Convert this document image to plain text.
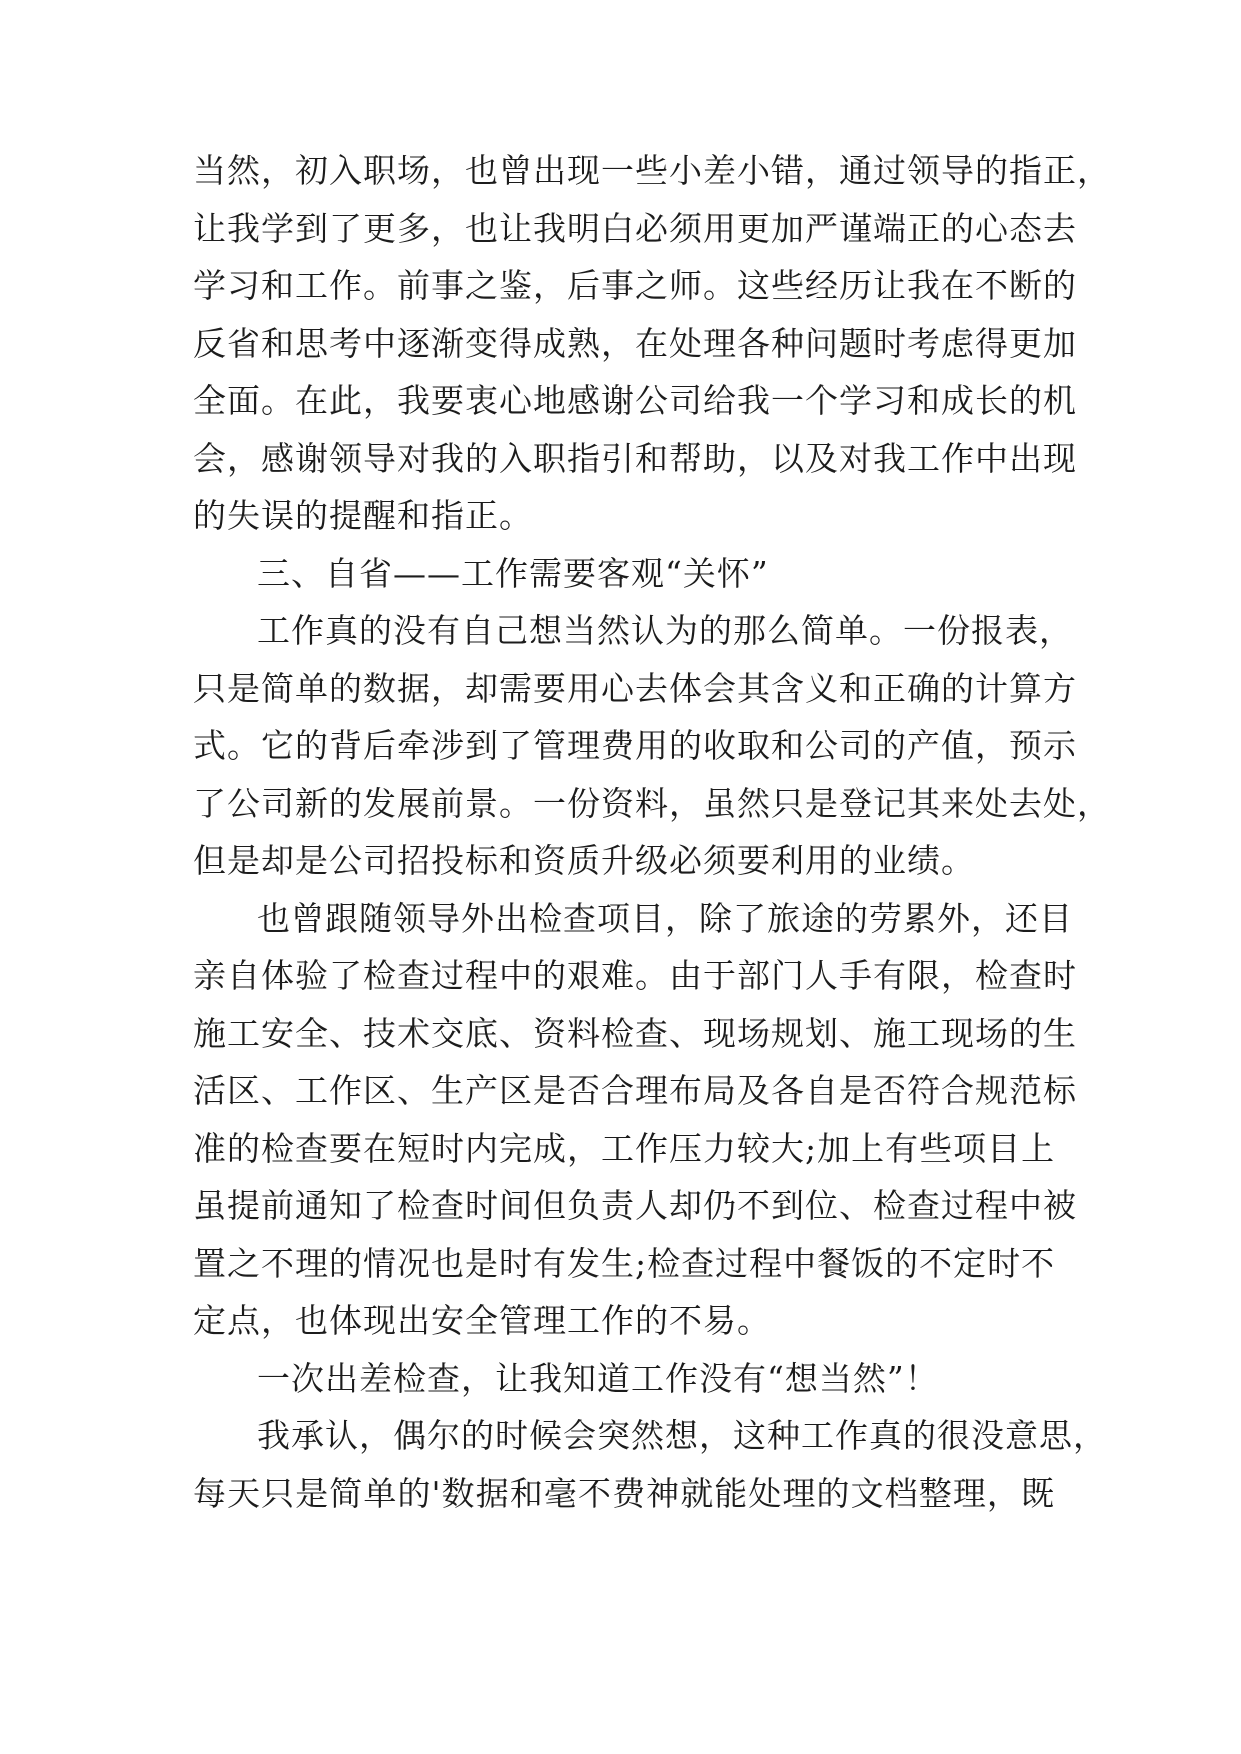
当然，初入职场，也曾出现一些小差小错，通过领导的指正，
让我学到了更多，也让我明白必须用更加严谨端正的心态去
学习和工作。前事之鉴，后事之师。这些经历让我在不断的
反省和思考中逐渐变得成熟，在处理各种问题时考虑得更加
全面。在此，我要衷心地感谢公司给我一个学习和成长的机
会，感谢领导对我的入职指引和帮助，以及对我工作中出现
的失误的提醒和指正。
三、自省——工作需要客观“关怀”
工作真的没有自己想当然认为的那么简单。一份报表，
只是简单的数据，却需要用心去体会其含义和正确的计算方
式。它的背后牵涉到了管理费用的收取和公司的产值，预示
了公司新的发展前景。一份资料，虽然只是登记其来处去处，
但是却是公司招投标和资质升级必须要利用的业绩。
也曾跟随领导外出检查项目，除了旅途的劳累外，还目
亲自体验了检查过程中的艰难。由于部门人手有限，检查时
施工安全、技术交底、资料检查、现场规划、施工现场的生
活区、工作区、生产区是否合理布局及各自是否符合规范标
准的检查要在短时内完成，工作压力较大;加上有些项目上
虽提前通知了检查时间但负责人却仍不到位、检查过程中被
置之不理的情况也是时有发生;检查过程中餐饭的不定时不
定点，也体现出安全管理工作的不易。
一次出差检查，让我知道工作没有“想当然”！
我承认，偶尔的时候会突然想，这种工作真的很没意思，
每天只是简单的'数据和毫不费神就能处理的文档整理，既
